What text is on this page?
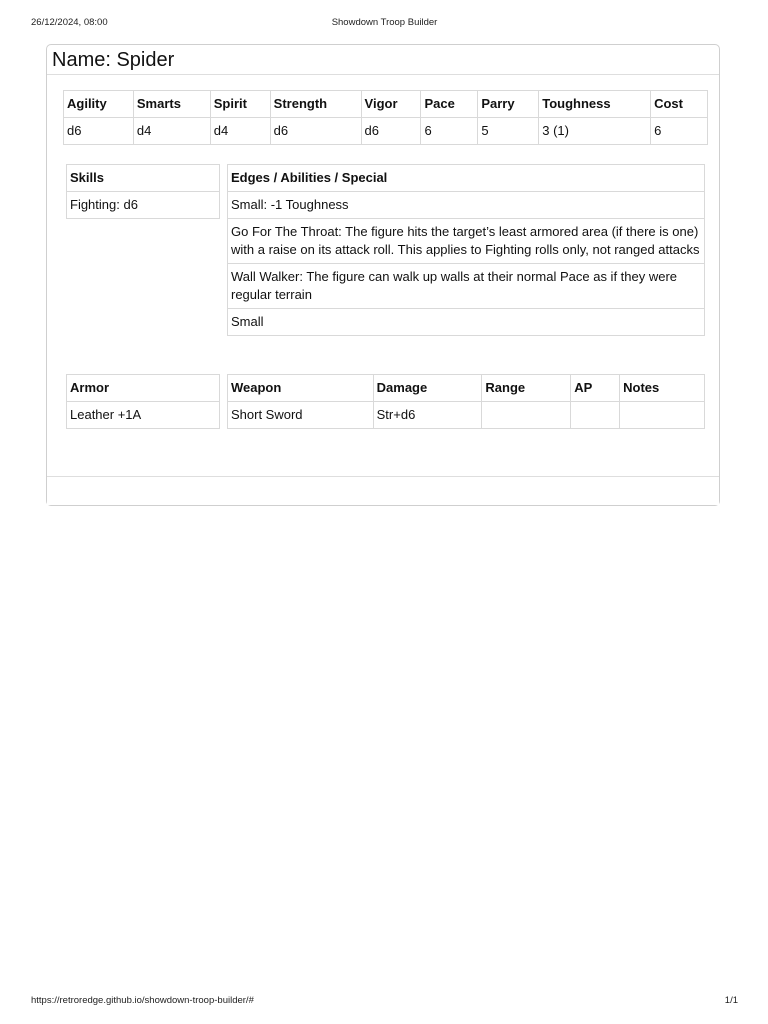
26/12/2024, 08:00	Showdown Troop Builder
Name: Spider
Agility	Smarts	Spirit	Strength	Vigor	Pace	Parry	Toughness	Cost
d6	d4	d4	d6	d6	6	5	3 (1)	6
Skills
Fighting: d6
Edges / Abilities / Special
Small: -1 Toughness
Go For The Throat: The figure hits the target’s least armored area (if there is one) with a raise on its attack roll. This applies to Fighting rolls only, not ranged attacks
Wall Walker: The figure can walk up walls at their normal Pace as if they were regular terrain
Small
Armor
Leather +1A
Weapon	Damage	Range	AP	Notes
Short Sword	Str+d6			
https://retroredge.github.io/showdown-troop-builder/#	1/1
